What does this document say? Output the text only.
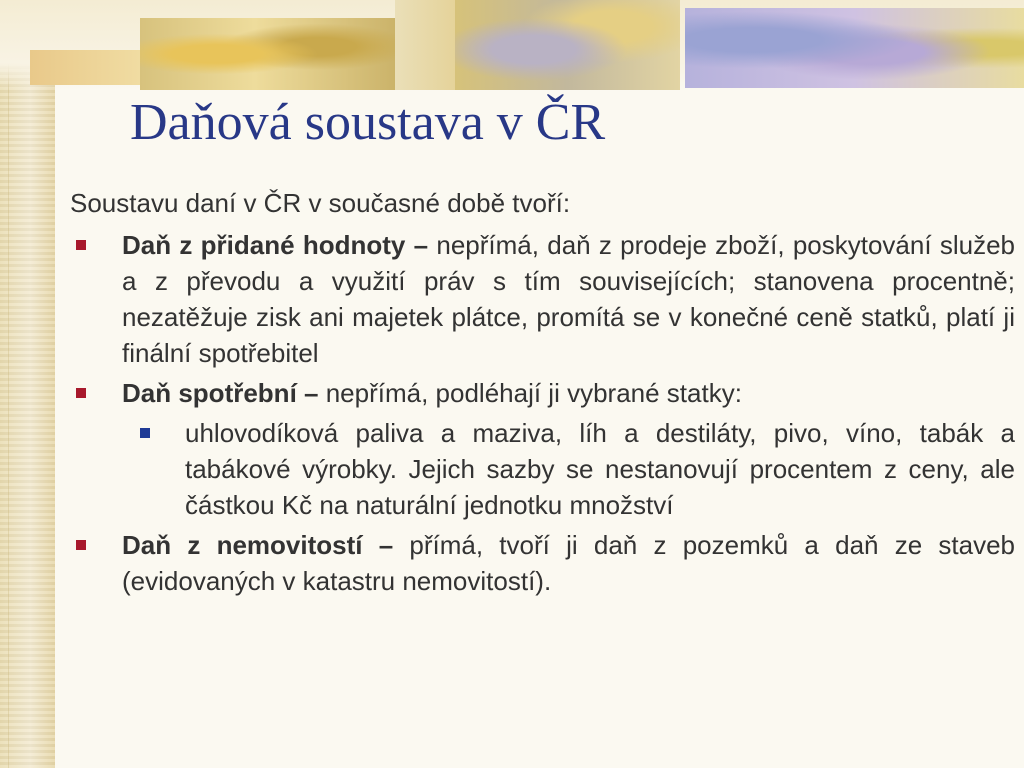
Daňová soustava v ČR

Soustavu daní v ČR v současné době tvoří:

Daň z přidané hodnoty – nepřímá, daň z prodeje zboží, poskytování služeb a z převodu a využití práv s tím souvisejících; stanovena procentně; nezatěžuje zisk ani majetek plátce, promítá se v konečné ceně statků, platí ji finální spotřebitel
Daň spotřební – nepřímá, podléhají ji vybrané statky:
uhlovodíková paliva a maziva, líh a destiláty, pivo, víno, tabák a tabákové výrobky. Jejich sazby se nestanovují procentem z ceny, ale částkou Kč na naturální jednotku množství
Daň z nemovitostí – přímá, tvoří ji daň z pozemků a daň ze staveb (evidovaných v katastru nemovitostí).
